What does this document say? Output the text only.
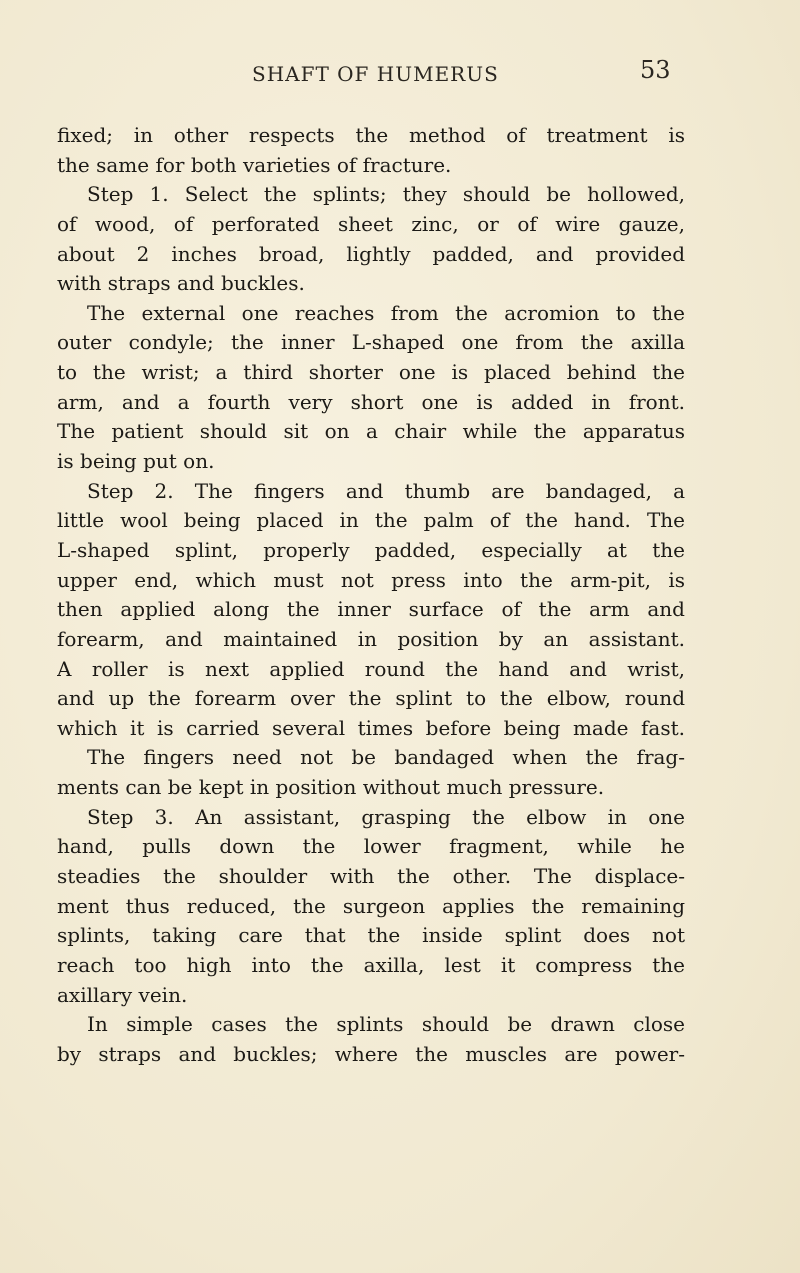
SHAFT OF HUMERUS	53
fixed; in other respects the method of treatment is
the same for both varieties of fracture.
Step 1. Select the splints; they should be hollowed,
of wood, of perforated sheet zinc, or of wire gauze,
about 2 inches broad, lightly padded, and provided
with straps and buckles.
The external one reaches from the acromion to the
outer condyle; the inner L-shaped one from the axilla
to the wrist; a third shorter one is placed behind the
arm, and a fourth very short one is added in front.
The patient should sit on a chair while the apparatus
is being put on.
Step 2. The fingers and thumb are bandaged, a
little wool being placed in the palm of the hand. The
L-shaped splint, properly padded, especially at the
upper end, which must not press into the arm-pit, is
then applied along the inner surface of the arm and
forearm, and maintained in position by an assistant.
A roller is next applied round the hand and wrist,
and up the forearm over the splint to the elbow, round
which it is carried several times before being made fast.
The fingers need not be bandaged when the frag-
ments can be kept in position without much pressure.
Step 3. An assistant, grasping the elbow in one
hand, pulls down the lower fragment, while he
steadies the shoulder with the other. The displace-
ment thus reduced, the surgeon applies the remaining
splints, taking care that the inside splint does not
reach too high into the axilla, lest it compress the
axillary vein.
In simple cases the splints should be drawn close
by straps and buckles; where the muscles are power-
